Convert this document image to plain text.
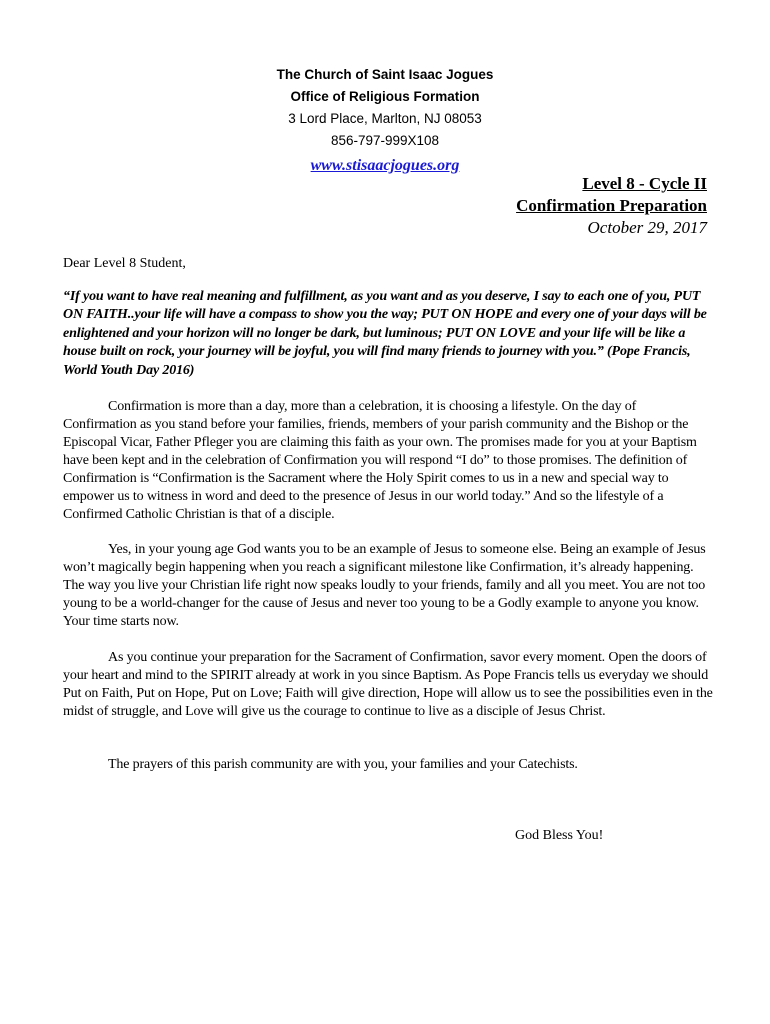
The Church of Saint Isaac Jogues
Office of Religious Formation
3 Lord Place, Marlton, NJ 08053
856-797-999X108
www.stisaacjogues.org
Level 8 - Cycle II
Confirmation Preparation
October 29, 2017
Dear Level 8 Student,
“If you want to have real meaning and fulfillment, as you want and as you deserve, I say to each one of you, PUT ON FAITH..your life will have a compass to show you the way; PUT ON HOPE and every one of your days will be enlightened and your horizon will no longer be dark, but luminous; PUT ON LOVE and your life will be like a house built on rock, your journey will be joyful, you will find many friends to journey with you.” (Pope Francis, World Youth Day 2016)
Confirmation is more than a day, more than a celebration, it is choosing a lifestyle. On the day of Confirmation as you stand before your families, friends, members of your parish community and the Bishop or the Episcopal Vicar, Father Pfleger you are claiming this faith as your own. The promises made for you at your Baptism have been kept and in the celebration of Confirmation you will respond “I do” to those promises. The definition of Confirmation is “Confirmation is the Sacrament where the Holy Spirit comes to us in a new and special way to empower us to witness in word and deed to the presence of Jesus in our world today.” And so the lifestyle of a Confirmed Catholic Christian is that of a disciple.
Yes, in your young age God wants you to be an example of Jesus to someone else. Being an example of Jesus won’t magically begin happening when you reach a significant milestone like Confirmation, it’s already happening. The way you live your Christian life right now speaks loudly to your friends, family and all you meet. You are not too young to be a world-changer for the cause of Jesus and never too young to be a Godly example to anyone you know. Your time starts now.
As you continue your preparation for the Sacrament of Confirmation, savor every moment. Open the doors of your heart and mind to the SPIRIT already at work in you since Baptism. As Pope Francis tells us everyday we should Put on Faith, Put on Hope, Put on Love; Faith will give direction, Hope will allow us to see the possibilities even in the midst of struggle, and Love will give us the courage to continue to live as a disciple of Jesus Christ.
The prayers of this parish community are with you, your families and your Catechists.
God Bless You!
